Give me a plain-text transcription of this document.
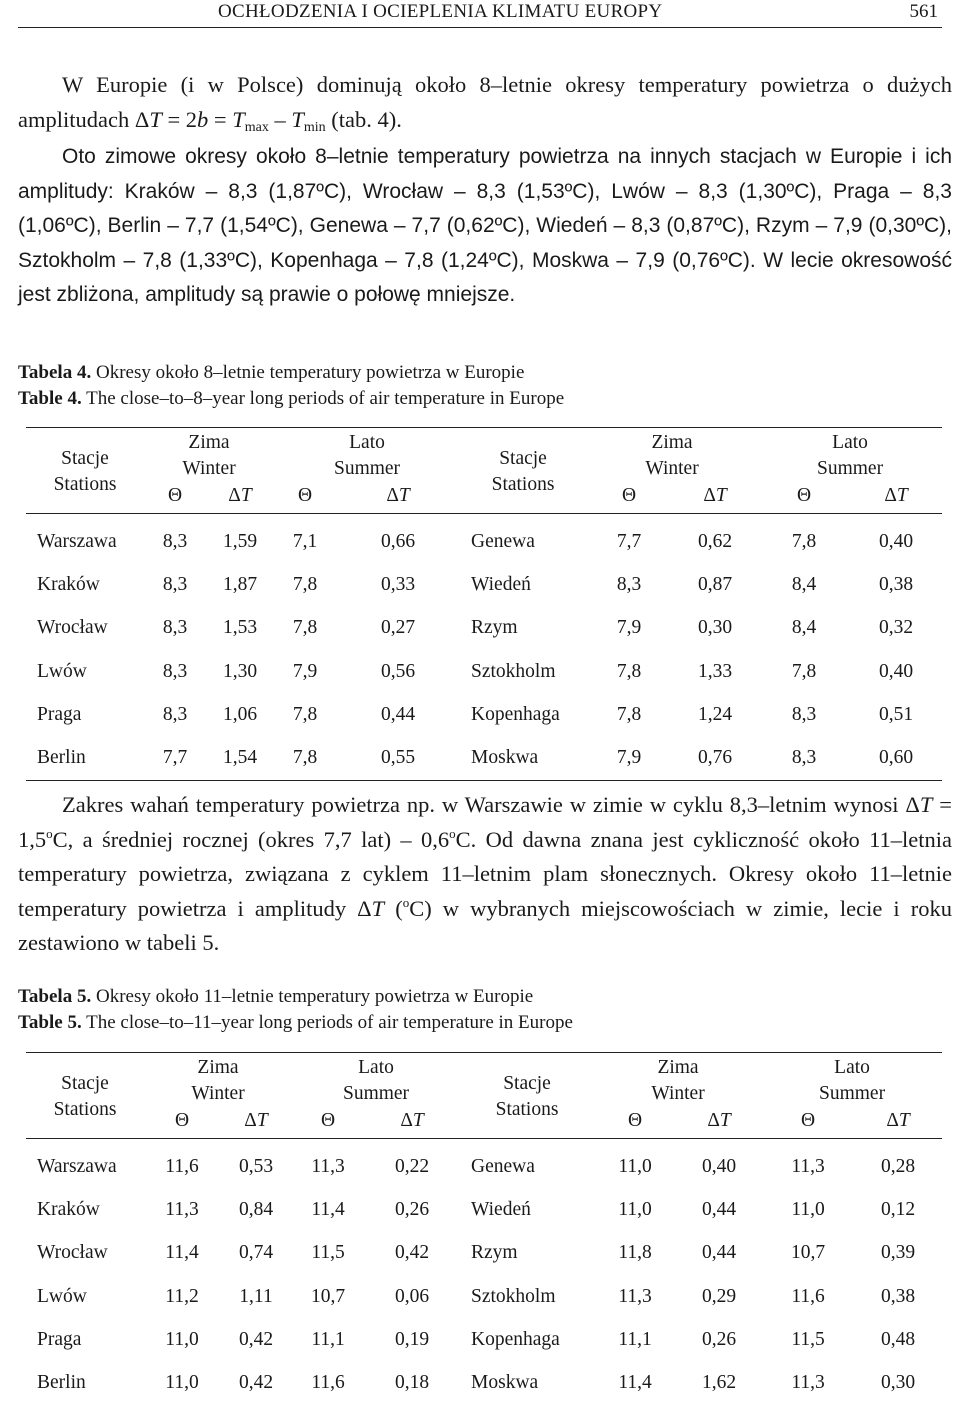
OCHŁODZENIA I OCIEPLENIA KLIMATU EUROPY	561

W Europie (i w Polsce) dominują około 8–letnie okresy temperatury powietrza o dużych amplitudach $\Delta T = 2b = T_{max} - T_{min}$ (tab. 4).

Oto zimowe okresy około 8–letnie temperatury powietrza na innych stacjach w Europie i ich amplitudy: Kraków – 8,3 (1,87ºC), Wrocław – 8,3 (1,53ºC), Lwów – 8,3 (1,30ºC), Praga – 8,3 (1,06ºC), Berlin – 7,7 (1,54ºC), Genewa – 7,7 (0,62ºC), Wiedeń – 8,3 (0,87ºC), Rzym – 7,9 (0,30ºC), Sztokholm – 7,8 (1,33ºC), Kopenhaga – 7,8 (1,24ºC), Moskwa – 7,9 (0,76ºC). W lecie okresowość jest zbliżona, amplitudy są prawie o połowę mniejsze.

Tabela 4. Okresy około 8–letnie temperatury powietrza w Europie
Table 4. The close–to–8–year long periods of air temperature in Europe
Stacje
Stations	Zima
Winter		Lato
Summer		Stacje
Stations	Zima
Winter		Lato
Summer	
	Θ	ΔT	Θ	ΔT		Θ	ΔT	Θ	ΔT
Warszawa	8,3	1,59	7,1	0,66	Genewa	7,7	0,62	7,8	0,40
Kraków	8,3	1,87	7,8	0,33	Wiedeń	8,3	0,87	8,4	0,38
Wrocław	8,3	1,53	7,8	0,27	Rzym	7,9	0,30	8,4	0,32
Lwów	8,3	1,30	7,9	0,56	Sztokholm	7,8	1,33	7,8	0,40
Praga	8,3	1,06	7,8	0,44	Kopenhaga	7,8	1,24	8,3	0,51
Berlin	7,7	1,54	7,8	0,55	Moskwa	7,9	0,76	8,3	0,60

Zakres wahań temperatury powietrza np. w Warszawie w zimie w cyklu 8,3–letnim wynosi $\Delta T = 1,5^oC$, a średniej rocznej (okres 7,7 lat) – 0,6$^o$C. Od dawna znana jest cykliczność około 11–letnia temperatury powietrza, związana z cyklem 11–letnim plam słonecznych. Okresy około 11–letnie temperatury powietrza i amplitudy ΔT ($^o$C) w wybranych miejscowościach w zimie, lecie i roku zestawiono w tabeli 5.

Tabela 5. Okresy około 11–letnie temperatury powietrza w Europie
Table 5. The close–to–11–year long periods of air temperature in Europe
Stacje
Stations	Zima
Winter		Lato
Summer		Stacje
Stations	Zima
Winter		Lato
Summer	
	Θ	ΔT	Θ	ΔT		Θ	ΔT	Θ	ΔT
Warszawa	11,6	0,53	11,3	0,22	Genewa	11,0	0,40	11,3	0,28
Kraków	11,3	0,84	11,4	0,26	Wiedeń	11,0	0,44	11,0	0,12
Wrocław	11,4	0,74	11,5	0,42	Rzym	11,8	0,44	10,7	0,39
Lwów	11,2	1,11	10,7	0,06	Sztokholm	11,3	0,29	11,6	0,38
Praga	11,0	0,42	11,1	0,19	Kopenhaga	11,1	0,26	11,5	0,48
Berlin	11,0	0,42	11,6	0,18	Moskwa	11,4	1,62	11,3	0,30
